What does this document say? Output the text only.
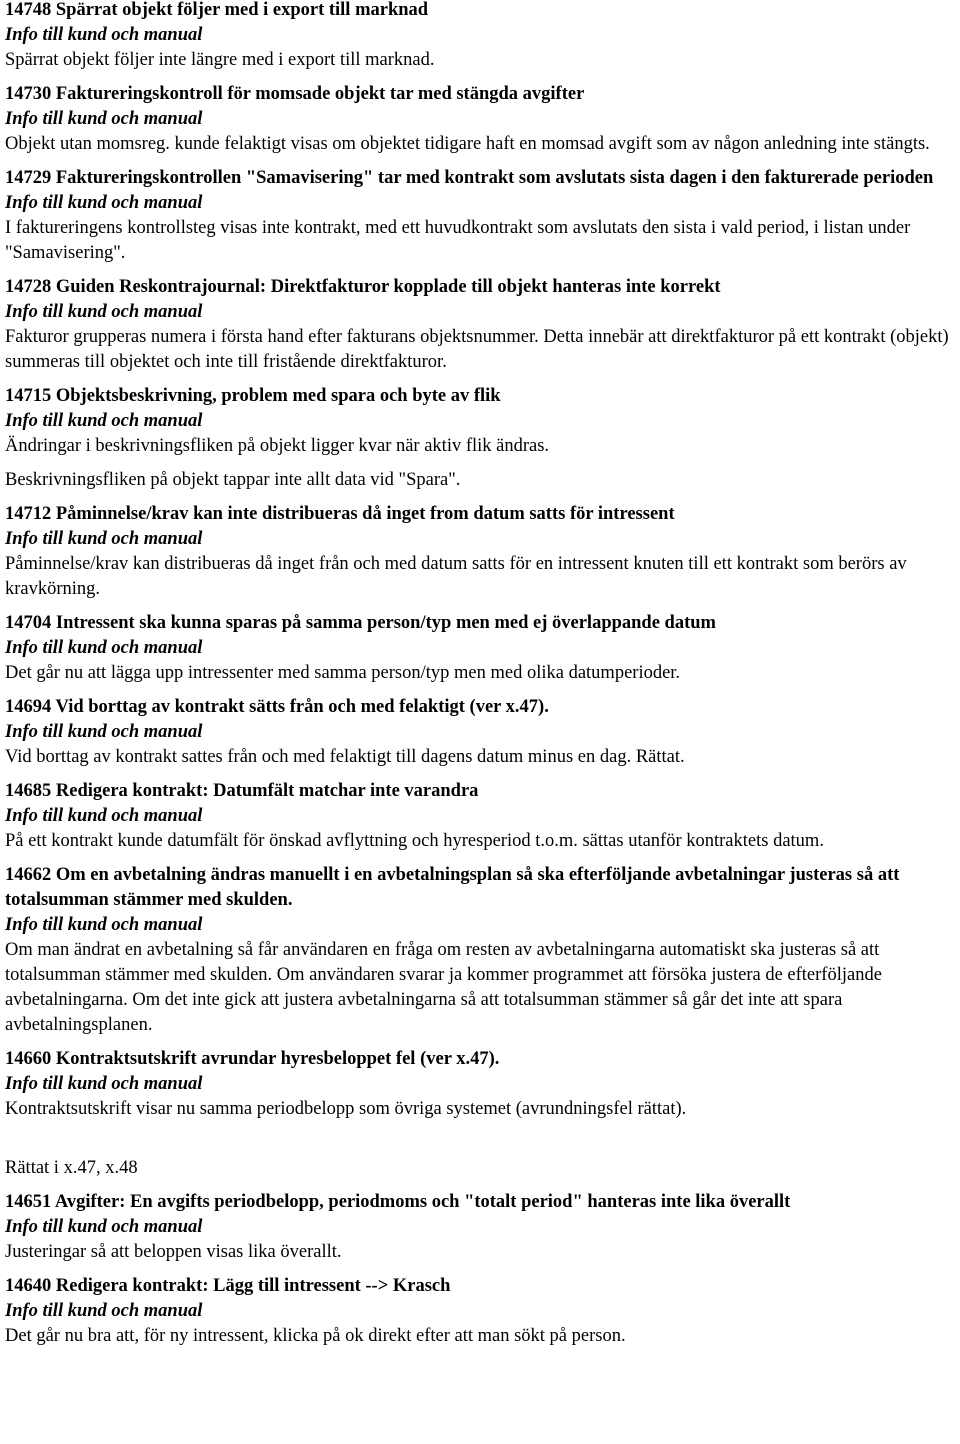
14748 Spärrat objekt följer med i export till marknad
Info till kund och manual
Spärrat objekt följer inte längre med i export till marknad.
14730 Faktureringskontroll för momsade objekt tar med stängda avgifter
Info till kund och manual
Objekt utan momsreg. kunde felaktigt visas om objektet tidigare haft en momsad avgift som av någon anledning inte stängts.
14729 Faktureringskontrollen "Samavisering" tar med kontrakt som avslutats sista dagen i den fakturerade perioden
Info till kund och manual
I faktureringens kontrollsteg visas inte kontrakt, med ett huvudkontrakt som avslutats den sista i vald period, i listan under "Samavisering".
14728 Guiden Reskontrajournal: Direktfakturor kopplade till objekt hanteras inte korrekt
Info till kund och manual
Fakturor grupperas numera i första hand efter fakturans objektsnummer. Detta innebär att direktfakturor på ett kontrakt (objekt) summeras till objektet och inte till fristående direktfakturor.
14715 Objektsbeskrivning, problem med spara och byte av flik
Info till kund och manual
Ändringar i beskrivningsfliken på objekt ligger kvar när aktiv flik ändras.
Beskrivningsfliken på objekt tappar inte allt data vid "Spara".
14712 Påminnelse/krav kan inte distribueras då inget from datum satts för intressent
Info till kund och manual
Påminnelse/krav kan distribueras då inget från och med datum satts för en intressent knuten till ett kontrakt som berörs av kravkörning.
14704 Intressent ska kunna sparas på samma person/typ men med ej överlappande datum
Info till kund och manual
Det går nu att lägga upp intressenter med samma person/typ men med olika datumperioder.
14694 Vid borttag av kontrakt sätts från och med felaktigt (ver x.47).
Info till kund och manual
Vid borttag av kontrakt sattes från och med felaktigt till dagens datum minus en dag. Rättat.
14685 Redigera kontrakt: Datumfält matchar inte varandra
Info till kund och manual
På ett kontrakt kunde datumfält för önskad avflyttning och hyresperiod t.o.m. sättas utanför kontraktets datum.
14662 Om en avbetalning ändras manuellt i en avbetalningsplan så ska efterföljande avbetalningar justeras så att totalsumman stämmer med skulden.
Info till kund och manual
Om man ändrat en avbetalning så får användaren en fråga om resten av avbetalningarna automatiskt ska justeras så att totalsumman stämmer med skulden. Om användaren svarar ja kommer programmet att försöka justera de efterföljande avbetalningarna. Om det inte gick att justera avbetalningarna så att totalsumman stämmer så går det inte att spara avbetalningsplanen.
14660 Kontraktsutskrift avrundar hyresbeloppet fel (ver x.47).
Info till kund och manual
Kontraktsutskrift visar nu samma periodbelopp som övriga systemet (avrundningsfel rättat).
Rättat i x.47, x.48
14651 Avgifter: En avgifts periodbelopp, periodmoms och "totalt period" hanteras inte lika överallt
Info till kund och manual
Justeringar så att beloppen visas lika överallt.
14640 Redigera kontrakt: Lägg till intressent --> Krasch
Info till kund och manual
Det går nu bra att, för ny intressent, klicka på ok direkt efter att man sökt på person.
